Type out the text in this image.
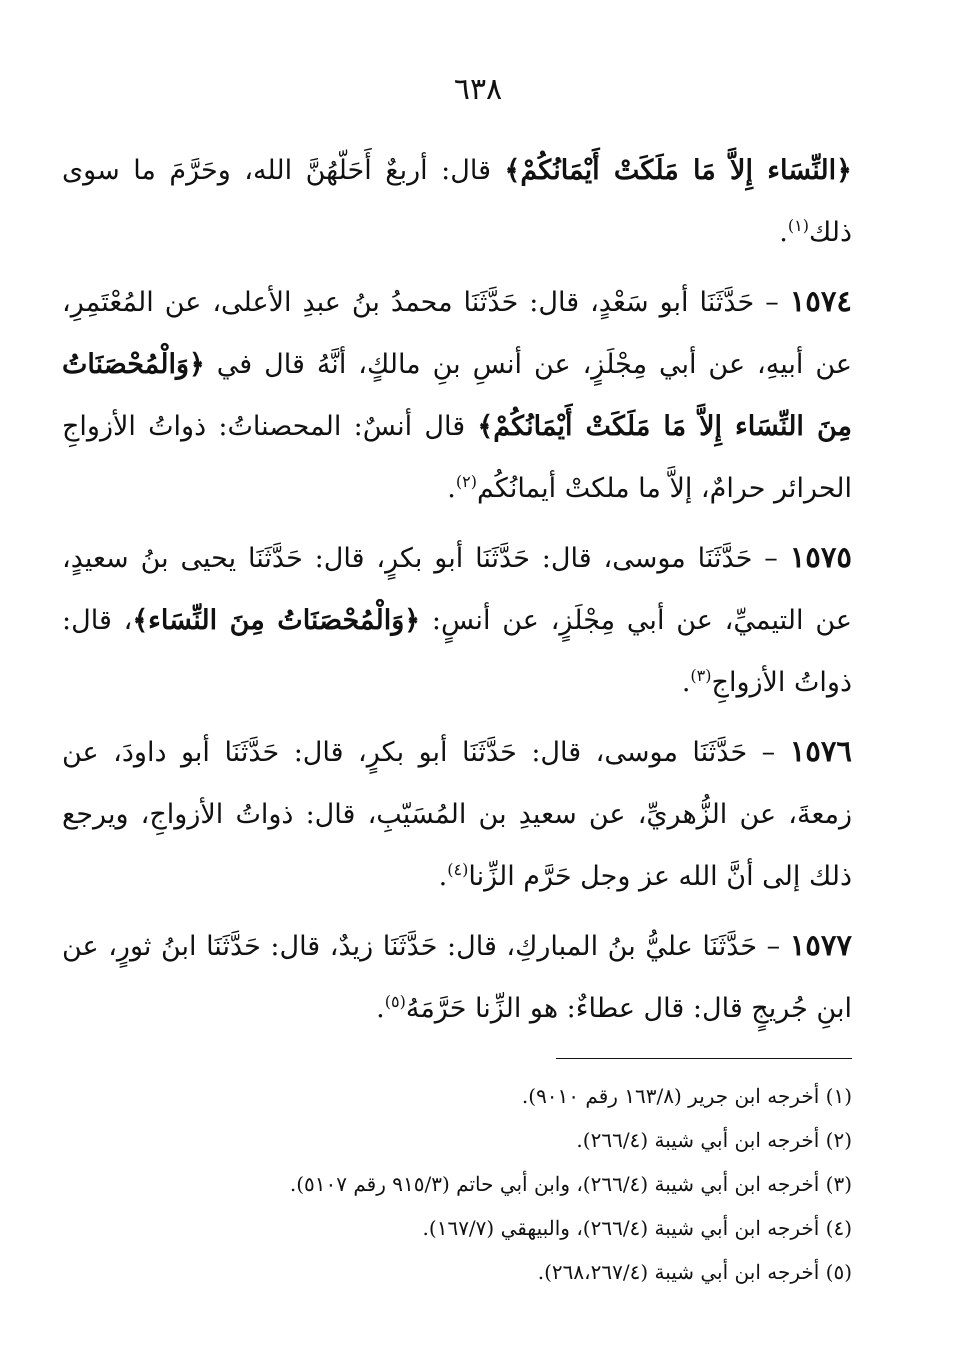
٦٣٨

﴿النِّسَاء إِلاَّ مَا مَلَكَتْ أَيْمَانُكُمْ﴾ قال: أربعٌ أَحَلّهُنَّ الله، وحَرَّمَ ما سوى ذلك$^{(١)}$.

١٥٧٤ – حَدَّثَنَا أبو سَعْدٍ، قال: حَدَّثَنَا محمدُ بنُ عبدِ الأعلى، عن المُعْتَمِرِ، عن أبيهِ، عن أبي مِجْلَزٍ، عن أنسِ بنِ مالكٍ، أنَّهُ قال في ﴿وَالْمُحْصَنَاتُ مِنَ النِّسَاء إِلاَّ مَا مَلَكَتْ أَيْمَانُكُمْ﴾ قال أنسٌ: المحصناتُ: ذواتُ الأزواجِ الحرائر حرامٌ، إلاَّ ما ملكتْ أيمانُكُم$^{(٢)}$.

١٥٧٥ – حَدَّثَنَا موسى، قال: حَدَّثَنَا أبو بكرٍ، قال: حَدَّثَنَا يحيى بنُ سعيدٍ، عن التيميِّ، عن أبي مِجْلَزٍ، عن أنسٍ: ﴿وَالْمُحْصَنَاتُ مِنَ النِّسَاء﴾، قال: ذواتُ الأزواجِ$^{(٣)}$.

١٥٧٦ – حَدَّثَنَا موسى، قال: حَدَّثَنَا أبو بكرٍ، قال: حَدَّثَنَا أبو داودَ، عن زمعةَ، عن الزُّهريِّ، عن سعيدِ بن المُسَيّبِ، قال: ذواتُ الأزواجِ، ويرجع ذلك إلى أنَّ الله عز وجل حَرَّم الزِّنا$^{(٤)}$.

١٥٧٧ – حَدَّثَنَا عليُّ بنُ المباركِ، قال: حَدَّثَنَا زيدٌ، قال: حَدَّثَنَا ابنُ ثورٍ، عن ابنِ جُريجٍ قال: قال عطاءٌ: هو الزِّنا حَرَّمَهُ$^{(٥)}$.

(١) أخرجه ابن جرير (١٦٣/٨ رقم ٩٠١٠).

(٢) أخرجه ابن أبي شيبة (٢٦٦/٤).

(٣) أخرجه ابن أبي شيبة (٢٦٦/٤)، وابن أبي حاتم (٩١٥/٣ رقم ٥١٠٧).

(٤) أخرجه ابن أبي شيبة (٢٦٦/٤)، والبيهقي (١٦٧/٧).

(٥) أخرجه ابن أبي شيبة (٢٦٨،٢٦٧/٤).
